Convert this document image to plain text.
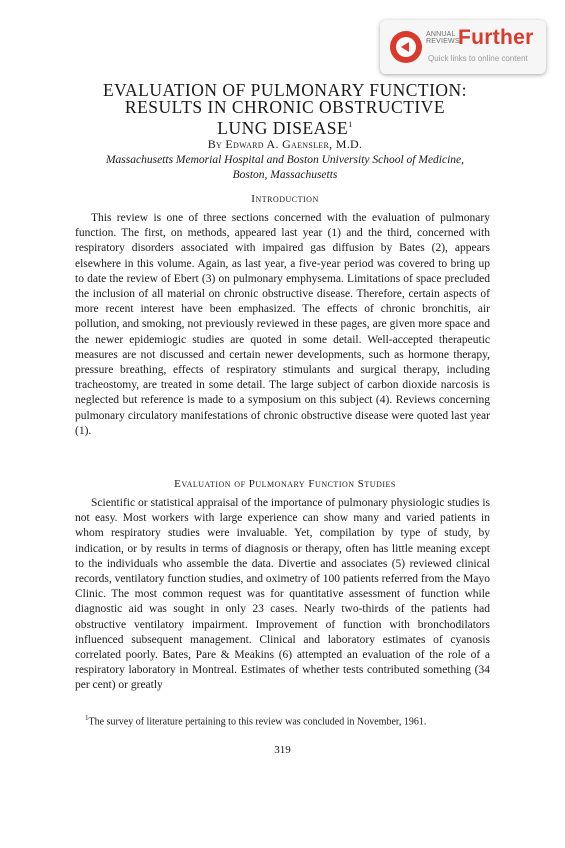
ANNUAL REVIEWS
Further
Quick links to online content
EVALUATION OF PULMONARY FUNCTION:
RESULTS IN CHRONIC OBSTRUCTIVE
LUNG DISEASE$^1$
By Edward A. Gaensler, M.D.
Massachusetts Memorial Hospital and Boston University School of Medicine,
Boston, Massachusetts
Introduction

This review is one of three sections concerned with the evaluation of pulmonary function. The first, on methods, appeared last year (1) and the third, concerned with respiratory disorders associated with impaired gas diffusion by Bates (2), appears elsewhere in this volume. Again, as last year, a five-year period was covered to bring up to date the review of Ebert (3) on pulmonary emphysema. Limitations of space precluded the inclusion of all material on chronic obstructive disease. Therefore, certain aspects of more recent interest have been emphasized. The effects of chronic bronchitis, air pollution, and smoking, not previously reviewed in these pages, are given more space and the newer epidemiogic studies are quoted in some detail. Well-accepted therapeutic measures are not discussed and certain newer developments, such as hormone therapy, pressure breathing, effects of respiratory stimulants and surgical therapy, including tracheostomy, are treated in some detail. The large subject of carbon dioxide narcosis is neglected but reference is made to a symposium on this subject (4). Reviews concerning pulmonary circulatory manifestations of chronic obstructive disease were quoted last year (1).

Evaluation of Pulmonary Function Studies

Scientific or statistical appraisal of the importance of pulmonary physiologic studies is not easy. Most workers with large experience can show many and varied patients in whom respiratory studies were invaluable. Yet, compilation by type of study, by indication, or by results in terms of diagnosis or therapy, often has little meaning except to the individuals who assemble the data. Divertie and associates (5) reviewed clinical records, ventilatory function studies, and oximetry of 100 patients referred from the Mayo Clinic. The most common request was for quantitative assessment of function while diagnostic aid was sought in only 23 cases. Nearly two-thirds of the patients had obstructive ventilatory impairment. Improvement of function with bronchodilators influenced subsequent management. Clinical and laboratory estimates of cyanosis correlated poorly. Bates, Pare & Meakins (6) attempted an evaluation of the role of a respiratory laboratory in Montreal. Estimates of whether tests contributed something (34 per cent) or greatly

$^1$The survey of literature pertaining to this review was concluded in November, 1961.

319
